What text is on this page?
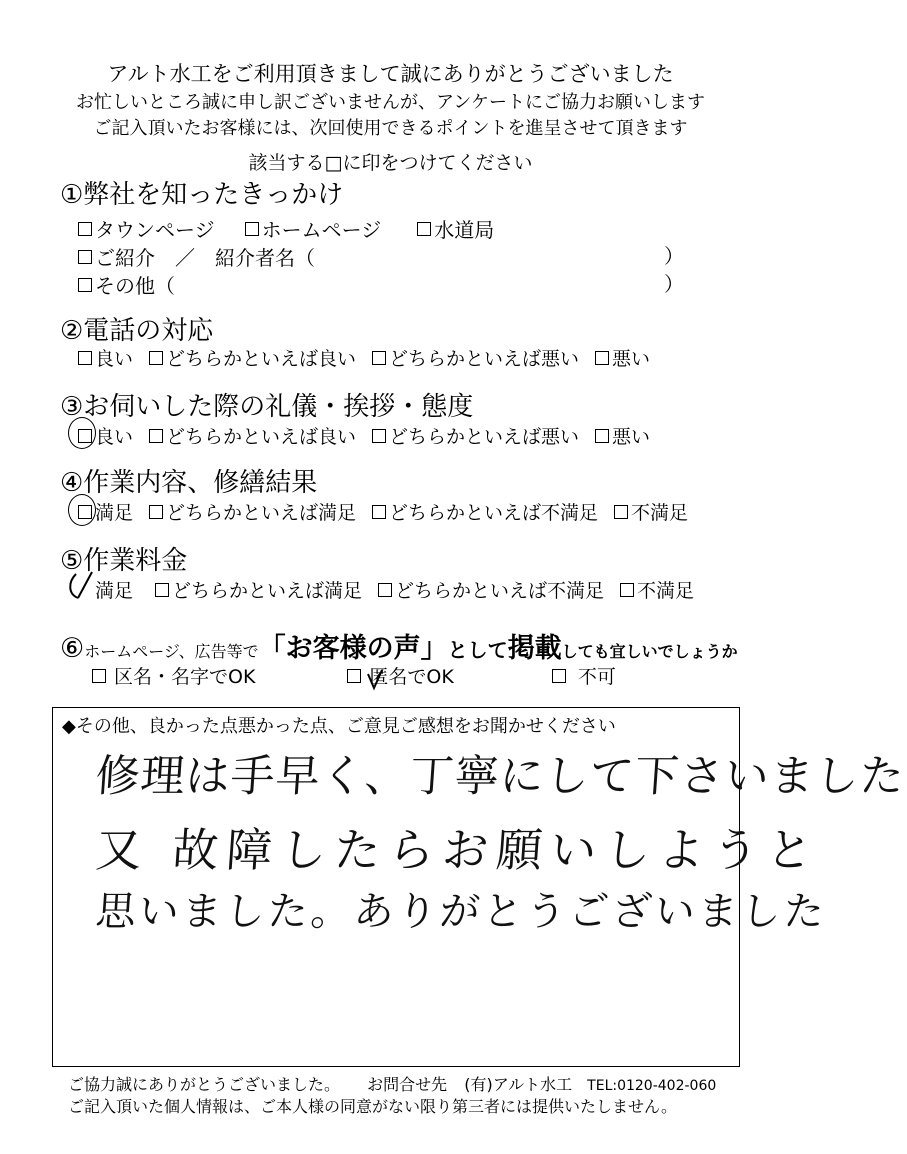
アルト水工をご利用頂きまして誠にありがとうございました
お忙しいところ誠に申し訳ございませんが、アンケートにご協力お願いします
ご記入頂いたお客様には、次回使用できるポイントを進呈させて頂きます
該当する□に印をつけてください
①弊社を知ったきっかけ
タウンページ ホームページ	水道局
ご紹介　／　紹介者名（	）
その他（	）
②電話の対応
良い どちらかといえば良い どちらかといえば悪い 悪い
③お伺いした際の礼儀・挨拶・態度
良い どちらかといえば良い どちらかといえば悪い 悪い
④作業内容、修繕結果
満足 どちらかといえば満足 どちらかといえば不満足 不満足
⑤作業料金
満足 どちらかといえば満足 どちらかといえば不満足 不満足
⑥ホームページ、広告等で「お客様の声」として掲載しても宜しいでしょうか
区名・名字でOK	匿名でOK	不可
◆その他、良かった点悪かった点、ご意見ご感想をお聞かせください
修理は手早く、丁寧にして下さいました
又 故障したらお願いしようと
思いました。ありがとうございました
ご協力誠にありがとうございました。 お問合せ先 (有)アルト水工 TEL:0120-402-060
ご記入頂いた個人情報は、ご本人様の同意がない限り第三者には提供いたしません。
